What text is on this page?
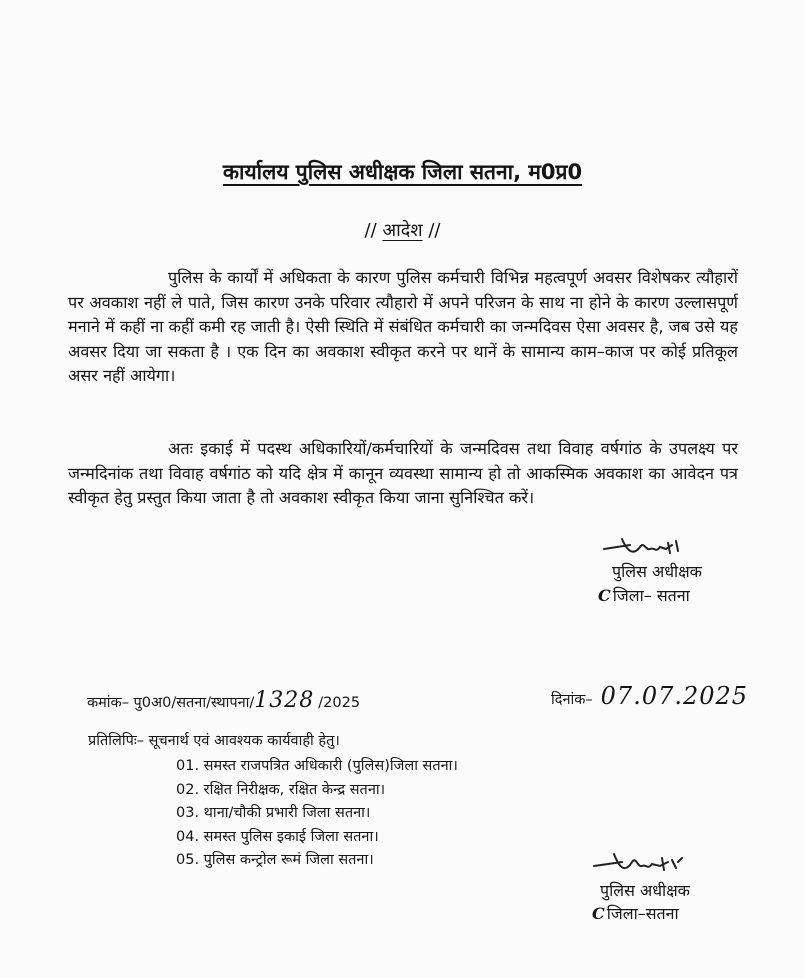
कार्यालय पुलिस अधीक्षक जिला सतना, म0प्र0
// आदेश //

पुलिस के कार्यों में अधिकता के कारण पुलिस कर्मचारी विभिन्न महत्वपूर्ण अवसर विशेषकर त्यौहारों पर अवकाश नहीं ले पाते, जिस कारण उनके परिवार त्यौहारो में अपने परिजन के साथ ना होने के कारण उल्लासपूर्ण मनाने में कहीं ना कहीं कमी रह जाती है। ऐसी स्थिति में संबंधित कर्मचारी का जन्मदिवस ऐसा अवसर है, जब उसे यह अवसर दिया जा सकता है । एक दिन का अवकाश स्वीकृत करने पर थानें के सामान्य काम–काज पर कोई प्रतिकूल असर नहीं आयेगा।

अतः इकाई में पदस्थ अधिकारियों/कर्मचारियों के जन्मदिवस तथा विवाह वर्षगांठ के उपलक्ष्य पर जन्मदिनांक तथा विवाह वर्षगांठ को यदि क्षेत्र में कानून व्यवस्था सामान्य हो तो आकस्मिक अवकाश का आवेदन पत्र स्वीकृत हेतु प्रस्तुत किया जाता है तो अवकाश स्वीकृत किया जाना सुनिश्चित करें।

पुलिस अधीक्षक
C जिला– सतना
कमांक– पु0अ0/सतना/स्थापना/1328 /2025	दिनांक– 07.07.2025
प्रतिलिपिः– सूचनार्थ एवं आवश्यक कार्यवाही हेतु।
01. समस्त राजपत्रित अधिकारी (पुलिस)जिला सतना।
02. रक्षित निरीक्षक, रक्षित केन्द्र सतना।
03. थाना/चौकी प्रभारी जिला सतना।
04. समस्त पुलिस इकाई जिला सतना।
05. पुलिस कन्ट्रोल रूमं जिला सतना।
पुलिस अधीक्षक
C जिला–सतना
